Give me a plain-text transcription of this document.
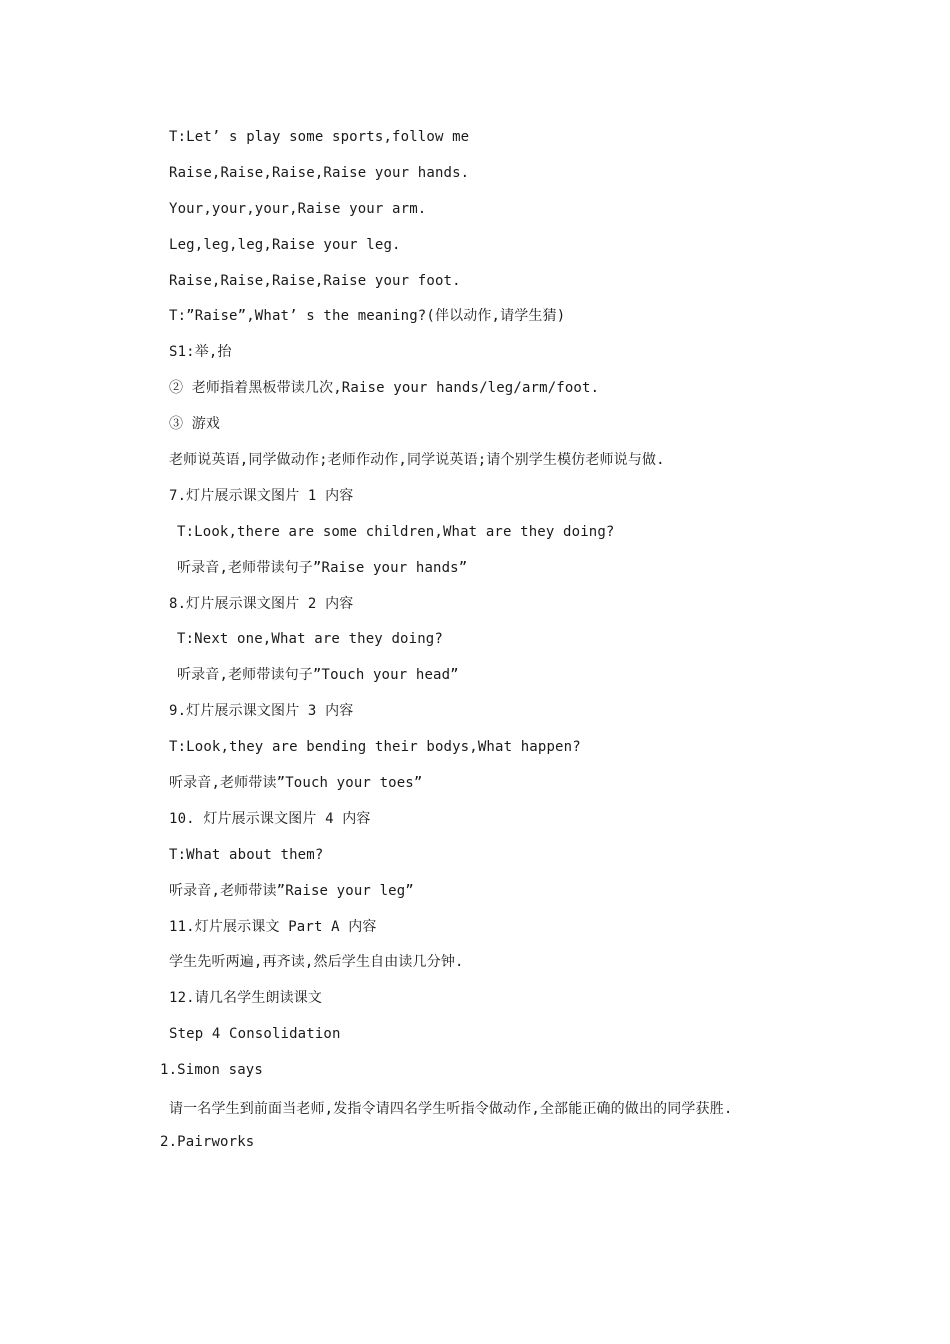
T:Let’ s play some sports,follow me
Raise,Raise,Raise,Raise your hands.
Your,your,your,Raise your arm.
Leg,leg,leg,Raise your leg.
Raise,Raise,Raise,Raise your foot.
T:”Raise”,What’ s the meaning?(伴以动作,请学生猜)
S1:举,抬
② 老师指着黑板带读几次,Raise your hands/leg/arm/foot.
③ 游戏
老师说英语,同学做动作;老师作动作,同学说英语;请个别学生模仿老师说与做.
7.灯片展示课文图片 1 内容
T:Look,there are some children,What are they doing?
听录音,老师带读句子”Raise your hands”
8.灯片展示课文图片 2 内容
T:Next one,What are they doing?
听录音,老师带读句子”Touch your head”
9.灯片展示课文图片 3 内容
T:Look,they are bending their bodys,What happen?
听录音,老师带读”Touch your toes”
10. 灯片展示课文图片 4 内容
T:What about them?
听录音,老师带读”Raise your leg”
11.灯片展示课文 Part A 内容
学生先听两遍,再齐读,然后学生自由读几分钟.
12.请几名学生朗读课文
Step 4 Consolidation
1.Simon says
请一名学生到前面当老师,发指令请四名学生听指令做动作,全部能正确的做出的同学获胜.
2.Pairworks
